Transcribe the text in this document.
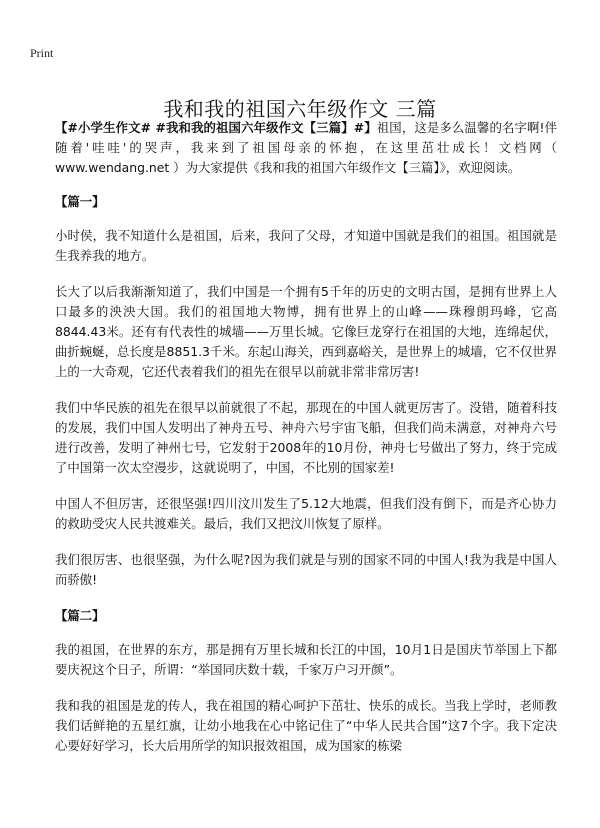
Print
我和我的祖国六年级作文 三篇

【#小学生作文# #我和我的祖国六年级作文【三篇】#】祖国，这是多么温馨的名字啊!伴随着'哇哇'的哭声，我来到了祖国母亲的怀抱，在这里茁壮成长！文档网（ www.wendang.net ）为大家提供《我和我的祖国六年级作文【三篇】》，欢迎阅读。

【篇一】

小时侯，我不知道什么是祖国，后来，我问了父母，才知道中国就是我们的祖国。祖国就是生我养我的地方。

长大了以后我渐渐知道了，我们中国是一个拥有5千年的历史的文明古国，是拥有世界上人口最多的泱泱大国。我们的祖国地大物博，拥有世界上的山峰——珠穆朗玛峰，它高8844.43米。还有有代表性的城墙——万里长城。它像巨龙穿行在祖国的大地，连绵起伏，曲折蜿蜒，总长度是8851.3千米。东起山海关，西到嘉峪关，是世界上的城墙，它不仅世界上的一大奇观，它还代表着我们的祖先在很早以前就非常非常厉害!

我们中华民族的祖先在很早以前就很了不起，那现在的中国人就更厉害了。没错，随着科技的发展，我们中国人发明出了神舟五号、神舟六号宇宙飞船，但我们尚未满意，对神舟六号进行改善，发明了神州七号，它发射于2008年的10月份，神舟七号做出了努力，终于完成了中国第一次太空漫步，这就说明了，中国，不比别的国家差!

中国人不但厉害，还很坚强!四川汶川发生了5.12大地震，但我们没有倒下，而是齐心协力的救助受灾人民共渡难关。最后，我们又把汶川恢复了原样。

我们很厉害、也很坚强，为什么呢?因为我们就是与别的国家不同的中国人!我为我是中国人而骄傲!

【篇二】

我的祖国，在世界的东方，那是拥有万里长城和长江的中国，10月1日是国庆节举国上下都要庆祝这个日子，所谓：“举国同庆数十载，千家万户习开颜”。

我和我的祖国是龙的传人，我在祖国的精心呵护下茁壮、快乐的成长。当我上学时，老师教我们话鲜艳的五星红旗，让幼小地我在心中铭记住了“中华人民共合国”这7个字。我下定决心要好好学习，长大后用所学的知识报效祖国，成为国家的栋梁
